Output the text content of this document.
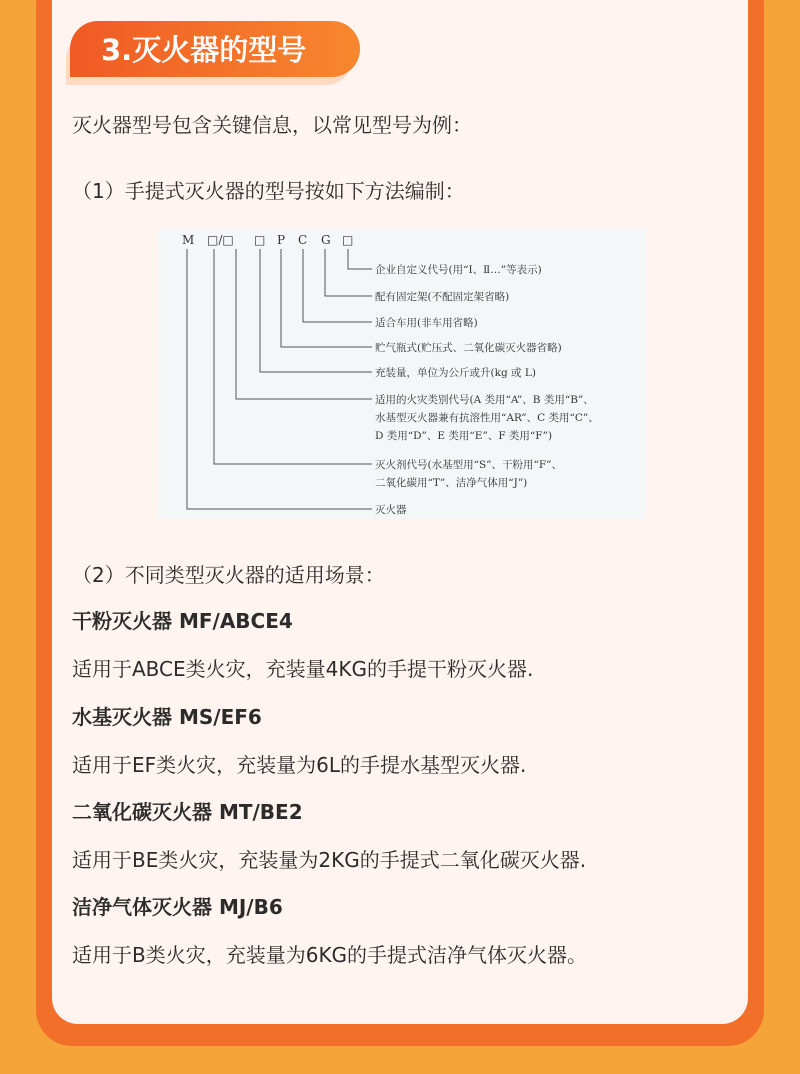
3.灭火器的型号
灭火器型号包含关键信息，以常见型号为例：
（1）手提式灭火器的型号按如下方法编制：
M □/□ □ P C G □
企业自定义代号(用“Ⅰ、Ⅱ…”等表示)
配有固定架(不配固定架省略)
适合车用(非车用省略)
贮气瓶式(贮压式、二氧化碳灭火器省略)
充装量，单位为公斤或升(kg 或 L)
适用的火灾类别代号(A 类用“A”、B 类用“B”、
水基型灭火器兼有抗溶性用“AR”、C 类用“C”、
D 类用“D”、E 类用“E”、F 类用“F”)
灭火剂代号(水基型用“S”、干粉用“F”、
二氧化碳用“T”、洁净气体用“J”)
灭火器
（2）不同类型灭火器的适用场景：
干粉灭火器 MF/ABCE4
适用于ABCE类火灾，充装量4KG的手提干粉灭火器.
水基灭火器 MS/EF6
适用于EF类火灾，充装量为6L的手提水基型灭火器.
二氧化碳灭火器 MT/BE2
适用于BE类火灾，充装量为2KG的手提式二氧化碳灭火器.
洁净气体灭火器 MJ/B6
适用于B类火灾，充装量为6KG的手提式洁净气体灭火器。
